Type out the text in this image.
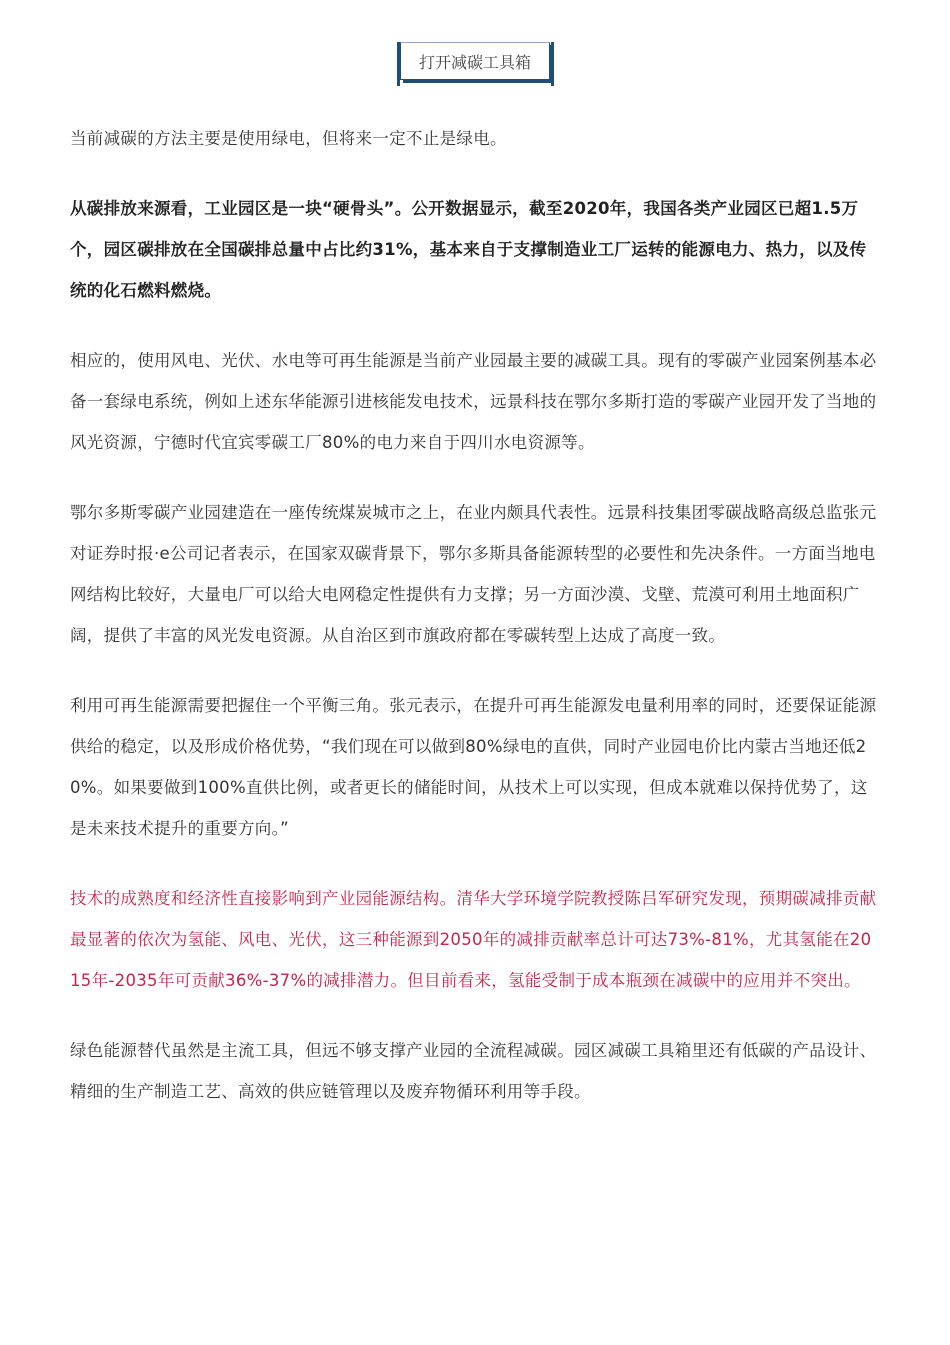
打开减碳工具箱

当前减碳的方法主要是使用绿电，但将来一定不止是绿电。

从碳排放来源看，工业园区是一块“硬骨头”。公开数据显示，截至2020年，我国各类产业园区已超1.5万个，园区碳排放在全国碳排总量中占比约31%，基本来自于支撑制造业工厂运转的能源电力、热力，以及传统的化石燃料燃烧。

相应的，使用风电、光伏、水电等可再生能源是当前产业园最主要的减碳工具。现有的零碳产业园案例基本必备一套绿电系统，例如上述东华能源引进核能发电技术，远景科技在鄂尔多斯打造的零碳产业园开发了当地的风光资源，宁德时代宜宾零碳工厂80%的电力来自于四川水电资源等。

鄂尔多斯零碳产业园建造在一座传统煤炭城市之上，在业内颇具代表性。远景科技集团零碳战略高级总监张元对证券时报·e公司记者表示，在国家双碳背景下，鄂尔多斯具备能源转型的必要性和先决条件。一方面当地电网结构比较好，大量电厂可以给大电网稳定性提供有力支撑；另一方面沙漠、戈壁、荒漠可利用土地面积广阔，提供了丰富的风光发电资源。从自治区到市旗政府都在零碳转型上达成了高度一致。

利用可再生能源需要把握住一个平衡三角。张元表示，在提升可再生能源发电量利用率的同时，还要保证能源供给的稳定，以及形成价格优势，“我们现在可以做到80%绿电的直供，同时产业园电价比内蒙古当地还低20%。如果要做到100%直供比例，或者更长的储能时间，从技术上可以实现，但成本就难以保持优势了，这是未来技术提升的重要方向。”

技术的成熟度和经济性直接影响到产业园能源结构。清华大学环境学院教授陈吕军研究发现，预期碳减排贡献最显著的依次为氢能、风电、光伏，这三种能源到2050年的减排贡献率总计可达73%-81%，尤其氢能在2015年-2035年可贡献36%-37%的减排潜力。但目前看来，氢能受制于成本瓶颈在减碳中的应用并不突出。

绿色能源替代虽然是主流工具，但远不够支撑产业园的全流程减碳。园区减碳工具箱里还有低碳的产品设计、精细的生产制造工艺、高效的供应链管理以及废弃物循环利用等手段。
